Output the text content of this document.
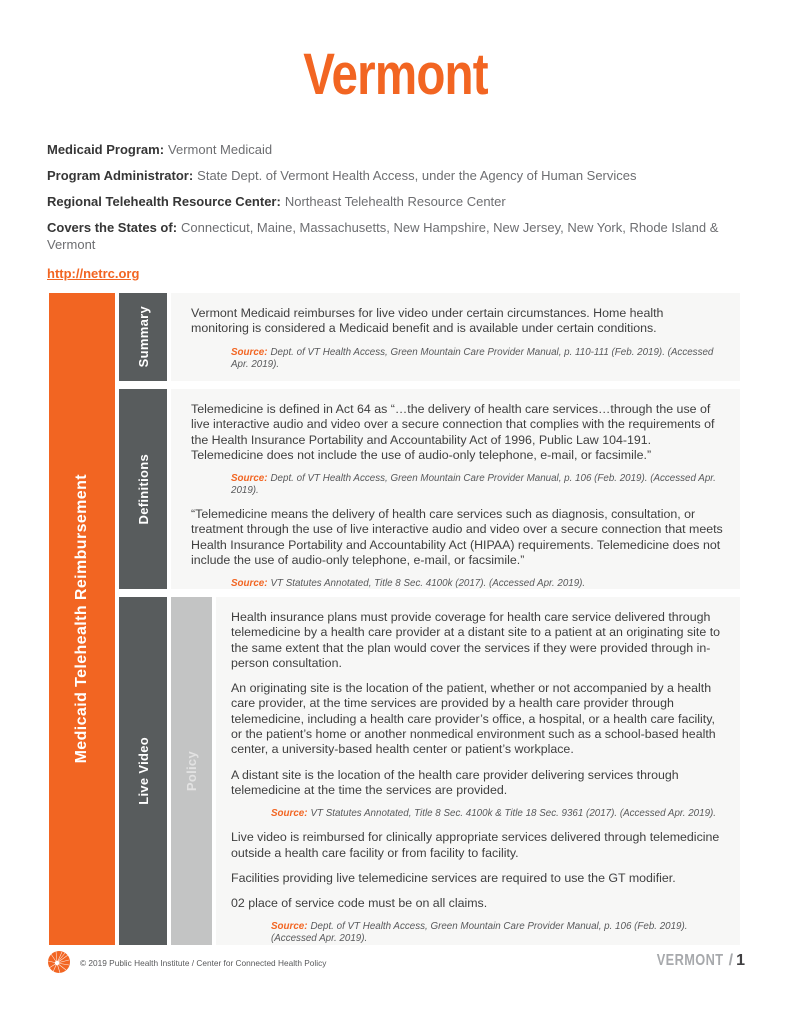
Vermont
Medicaid Program: Vermont Medicaid
Program Administrator: State Dept. of Vermont Health Access, under the Agency of Human Services
Regional Telehealth Resource Center: Northeast Telehealth Resource Center
Covers the States of: Connecticut, Maine, Massachusetts, New Hampshire, New Jersey, New York, Rhode Island & Vermont
http://netrc.org
Medicaid Telehealth Reimbursement
Summary	Vermont Medicaid reimburses for live video under certain circumstances. Home health monitoring is considered a Medicaid benefit and is available under certain conditions.

Source: Dept. of VT Health Access, Green Mountain Care Provider Manual, p. 110-111 (Feb. 2019). (Accessed Apr. 2019).

Definitions

Telemedicine is defined in Act 64 as “…the delivery of health care services…through the use of live interactive audio and video over a secure connection that complies with the requirements of the Health Insurance Portability and Accountability Act of 1996, Public Law 104-191. Telemedicine does not include the use of audio-only telephone, e-mail, or facsimile.”

Source: Dept. of VT Health Access, Green Mountain Care Provider Manual, p. 106 (Feb. 2019). (Accessed Apr. 2019).

“Telemedicine means the delivery of health care services such as diagnosis, consultation, or treatment through the use of live interactive audio and video over a secure connection that meets Health Insurance Portability and Accountability Act (HIPAA) requirements. Telemedicine does not include the use of audio-only telephone, e-mail, or facsimile.”

Source: VT Statutes Annotated, Title 8 Sec. 4100k (2017). (Accessed Apr. 2019).

Live Video	Policy

Health insurance plans must provide coverage for health care service delivered through telemedicine by a health care provider at a distant site to a patient at an originating site to the same extent that the plan would cover the services if they were provided through in-person consultation.

An originating site is the location of the patient, whether or not accompanied by a health care provider, at the time services are provided by a health care provider through telemedicine, including a health care provider’s office, a hospital, or a health care facility, or the patient’s home or another nonmedical environment such as a school-based health center, a university-based health center or patient’s workplace.

A distant site is the location of the health care provider delivering services through telemedicine at the time the services are provided.

Source: VT Statutes Annotated, Title 8 Sec. 4100k & Title 18 Sec. 9361 (2017). (Accessed Apr. 2019).

Live video is reimbursed for clinically appropriate services delivered through telemedicine outside a health care facility or from facility to facility.

Facilities providing live telemedicine services are required to use the GT modifier.

02 place of service code must be on all claims.

Source: Dept. of VT Health Access, Green Mountain Care Provider Manual, p. 106 (Feb. 2019). (Accessed Apr. 2019).

© 2019 Public Health Institute / Center for Connected Health Policy	VERMONT / 1
